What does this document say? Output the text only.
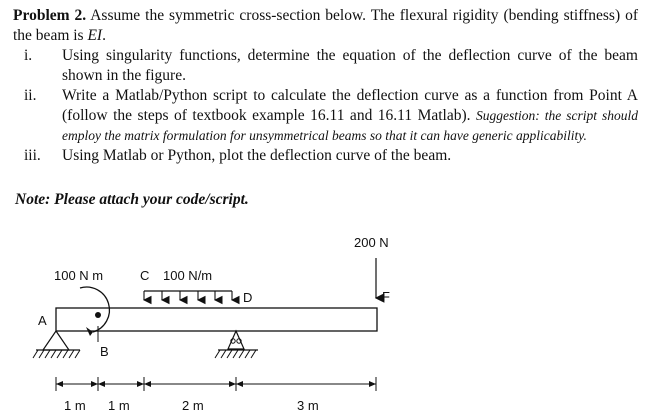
Problem 2. Assume the symmetric cross-section below. The flexural rigidity (bending stiffness) of the beam is EI.

i. Using singularity functions, determine the equation of the deflection curve of the beam shown in the figure.
ii. Write a Matlab/Python script to calculate the deflection curve as a function from Point A (follow the steps of textbook example 16.11 and 16.11 Matlab). Suggestion: the script should employ the matrix formulation for unsymmetrical beams so that it can have generic applicability.
iii. Using Matlab or Python, plot the deflection curve of the beam.
Note: Please attach your code/script.
100 N m	C 100 N/m
D
200 N
F
A
B
1 m 1 m	2 m	3 m
